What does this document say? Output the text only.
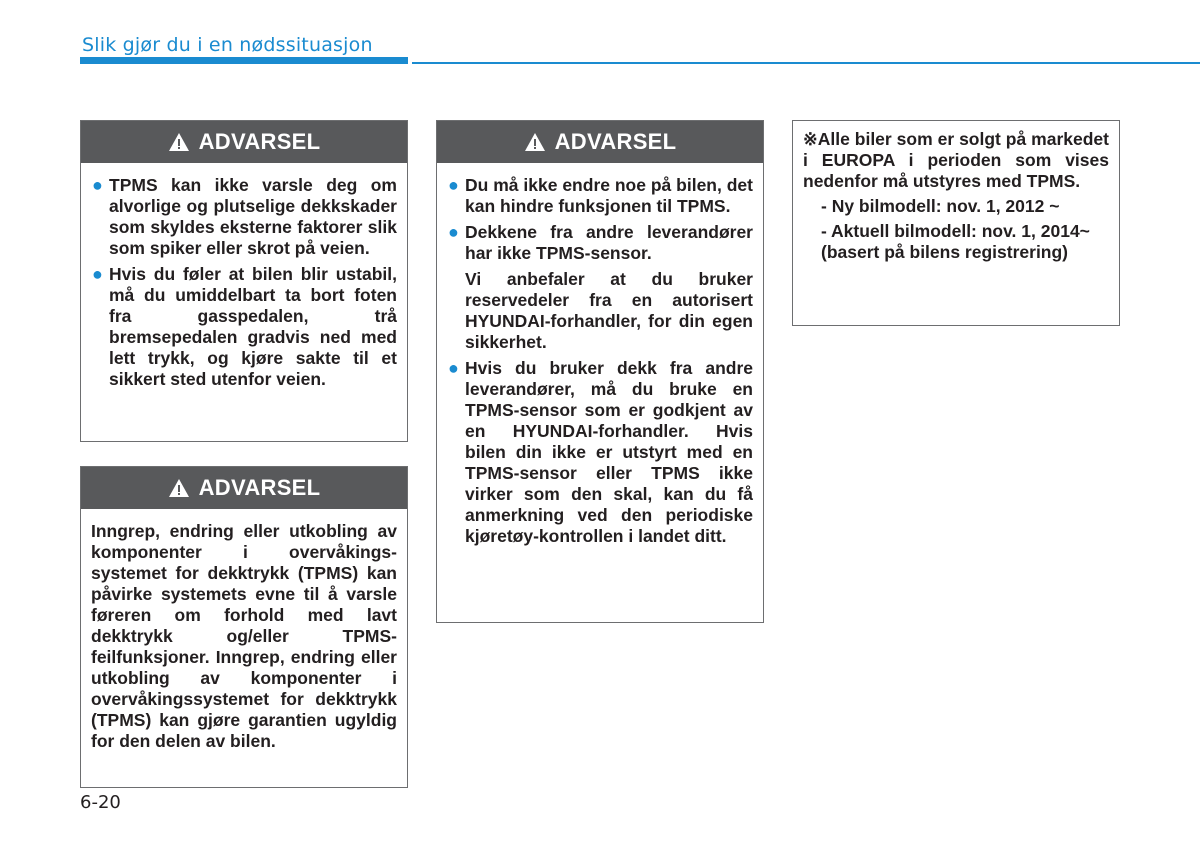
Slik gjør du i en nødssituasjon
ADVARSEL
● TPMS kan ikke varsle deg om alvorlige og plutselige dekkskader som skyldes eksterne faktorer slik som spiker eller skrot på veien.
● Hvis du føler at bilen blir ustabil, må du umiddelbart ta bort foten fra gasspedalen, trå bremsepedalen gradvis ned med lett trykk, og kjøre sakte til et sikkert sted utenfor veien.
ADVARSEL
Inngrep, endring eller utkobling av komponenter i overvåkings-systemet for dekktrykk (TPMS) kan påvirke systemets evne til å varsle føreren om forhold med lavt dekktrykk og/eller TPMS-feilfunksjoner. Inngrep, endring eller utkobling av komponenter i overvåkingssystemet for dekktrykk (TPMS) kan gjøre garantien ugyldig for den delen av bilen.
ADVARSEL
● Du må ikke endre noe på bilen, det kan hindre funksjonen til TPMS.
● Dekkene fra andre leverandører har ikke TPMS-sensor.
Vi anbefaler at du bruker reservedeler fra en autorisert HYUNDAI-forhandler, for din egen sikkerhet.
● Hvis du bruker dekk fra andre leverandører, må du bruke en TPMS-sensor som er godkjent av en HYUNDAI-forhandler. Hvis bilen din ikke er utstyrt med en TPMS-sensor eller TPMS ikke virker som den skal, kan du få anmerkning ved den periodiske kjøretøy-kontrollen i landet ditt.
※Alle biler som er solgt på markedet i EUROPA i perioden som vises nedenfor må utstyres med TPMS.
- Ny bilmodell: nov. 1, 2012 ~
- Aktuell bilmodell: nov. 1, 2014~ (basert på bilens registrering)
6-20
